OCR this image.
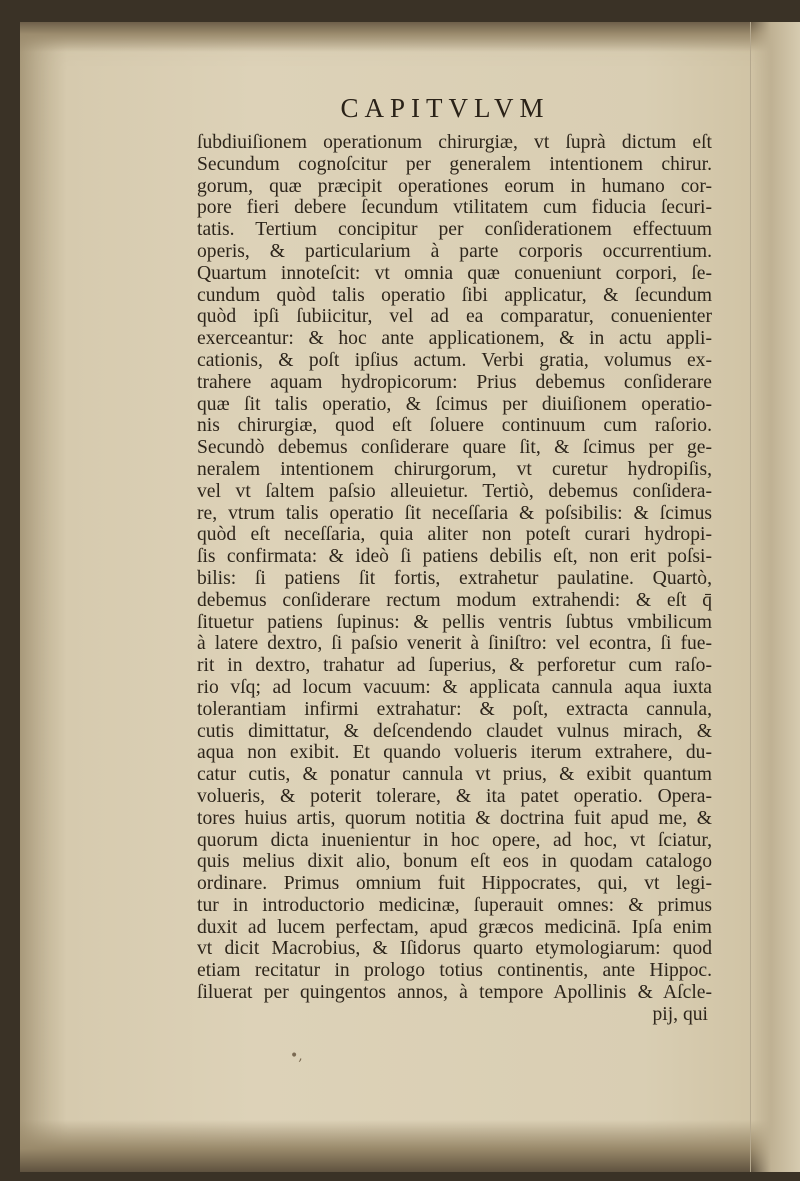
CAPITVLVM
ſubdiuiſionem operationum chirurgiæ, vt ſuprà dictum eſt
Secundum cognoſcitur per generalem intentionem chirur.
gorum, quæ præcipit operationes eorum in humano cor-
pore fieri debere ſecundum vtilitatem cum fiducia ſecuri-
tatis. Tertium concipitur per conſiderationem effectuum
operis, & particularium à parte corporis occurrentium.
Quartum innoteſcit: vt omnia quæ conueniunt corpori, ſe-
cundum quòd talis operatio ſibi applicatur, & ſecundum
quòd ipſi ſubiicitur, vel ad ea comparatur, conuenienter
exerceantur: & hoc ante applicationem, & in actu appli-
cationis, & poſt ipſius actum. Verbi gratia, volumus ex-
trahere aquam hydropicorum: Prius debemus conſiderare
quæ ſit talis operatio, & ſcimus per diuiſionem operatio-
nis chirurgiæ, quod eſt ſoluere continuum cum raſorio.
Secundò debemus conſiderare quare ſit, & ſcimus per ge-
neralem intentionem chirurgorum, vt curetur hydropiſis,
vel vt ſaltem paſsio alleuietur. Tertiò, debemus conſidera-
re, vtrum talis operatio ſit neceſſaria & poſsibilis: & ſcimus
quòd eſt neceſſaria, quia aliter non poteſt curari hydropi-
ſis confirmata: & ideò ſi patiens debilis eſt, non erit poſsi-
bilis: ſi patiens ſit fortis, extrahetur paulatine. Quartò,
debemus conſiderare rectum modum extrahendi: & eſt q̄
ſituetur patiens ſupinus: & pellis ventris ſubtus vmbilicum
à latere dextro, ſi paſsio venerit à ſiniſtro: vel econtra, ſi fue-
rit in dextro, trahatur ad ſuperius, & perforetur cum raſo-
rio vſq; ad locum vacuum: & applicata cannula aqua iuxta
tolerantiam infirmi extrahatur: & poſt, extracta cannula,
cutis dimittatur, & deſcendendo claudet vulnus mirach, &
aqua non exibit. Et quando volueris iterum extrahere, du-
catur cutis, & ponatur cannula vt prius, & exibit quantum
volueris, & poterit tolerare, & ita patet operatio. Opera-
tores huius artis, quorum notitia & doctrina fuit apud me, &
quorum dicta inuenientur in hoc opere, ad hoc, vt ſciatur,
quis melius dixit alio, bonum eſt eos in quodam catalogo
ordinare. Primus omnium fuit Hippocrates, qui, vt legi-
tur in introductorio medicinæ, ſuperauit omnes: & primus
duxit ad lucem perfectam, apud græcos medicinā. Ipſa enim
vt dicit Macrobius, & Iſidorus quarto etymologiarum: quod
etiam recitatur in prologo totius continentis, ante Hippoc.
ſiluerat per quingentos annos, à tempore Apollinis & Aſcle-
pij, qui
•,
